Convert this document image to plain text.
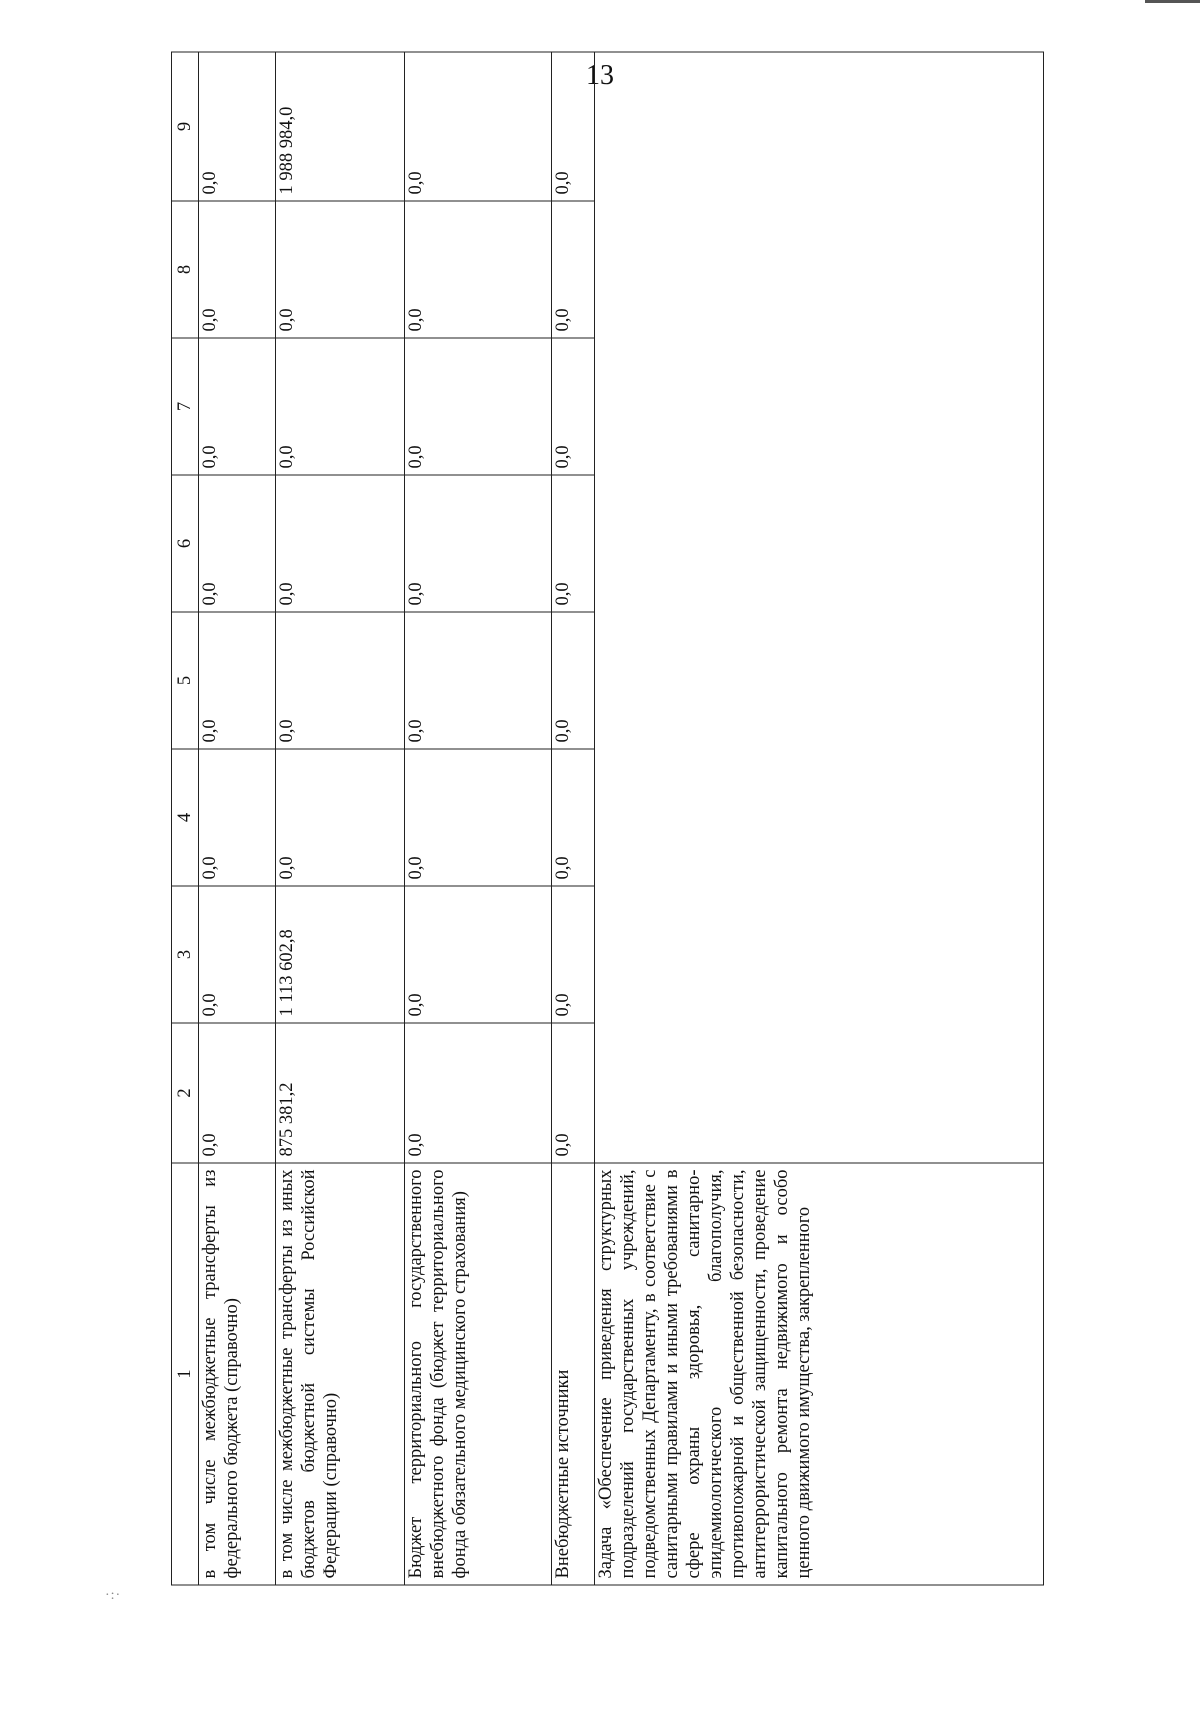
13
·:·
1	2	3	4	5	6	7	8	9
в том числе межбюджетные трансферты из федерального бюджета (справочно)	0,0	0,0	0,0	0,0	0,0	0,0	0,0	0,0
в том числе межбюджетные трансферты из иных бюджетов бюджетной системы Российской Федерации (справочно)	875 381,2	1 113 602,8	0,0	0,0	0,0	0,0	0,0	1 988 984,0
Бюджет территориального государственного внебюджетного фонда (бюджет территориального фонда обязательного медицинского страхования)	0,0	0,0	0,0	0,0	0,0	0,0	0,0	0,0
Внебюджетные источники	0,0	0,0	0,0	0,0	0,0	0,0	0,0	0,0
Задача «Обеспечение приведения структурных подразделений государственных учреждений, подведомственных Департаменту, в соответствие с санитарными правилами и иными требованиями в сфере охраны здоровья, санитарно-эпидемиологического благополучия, противопожарной и общественной безопасности, антитеррористической защищенности, проведение капитального ремонта недвижимого и особо ценного движимого имущества, закрепленного								
